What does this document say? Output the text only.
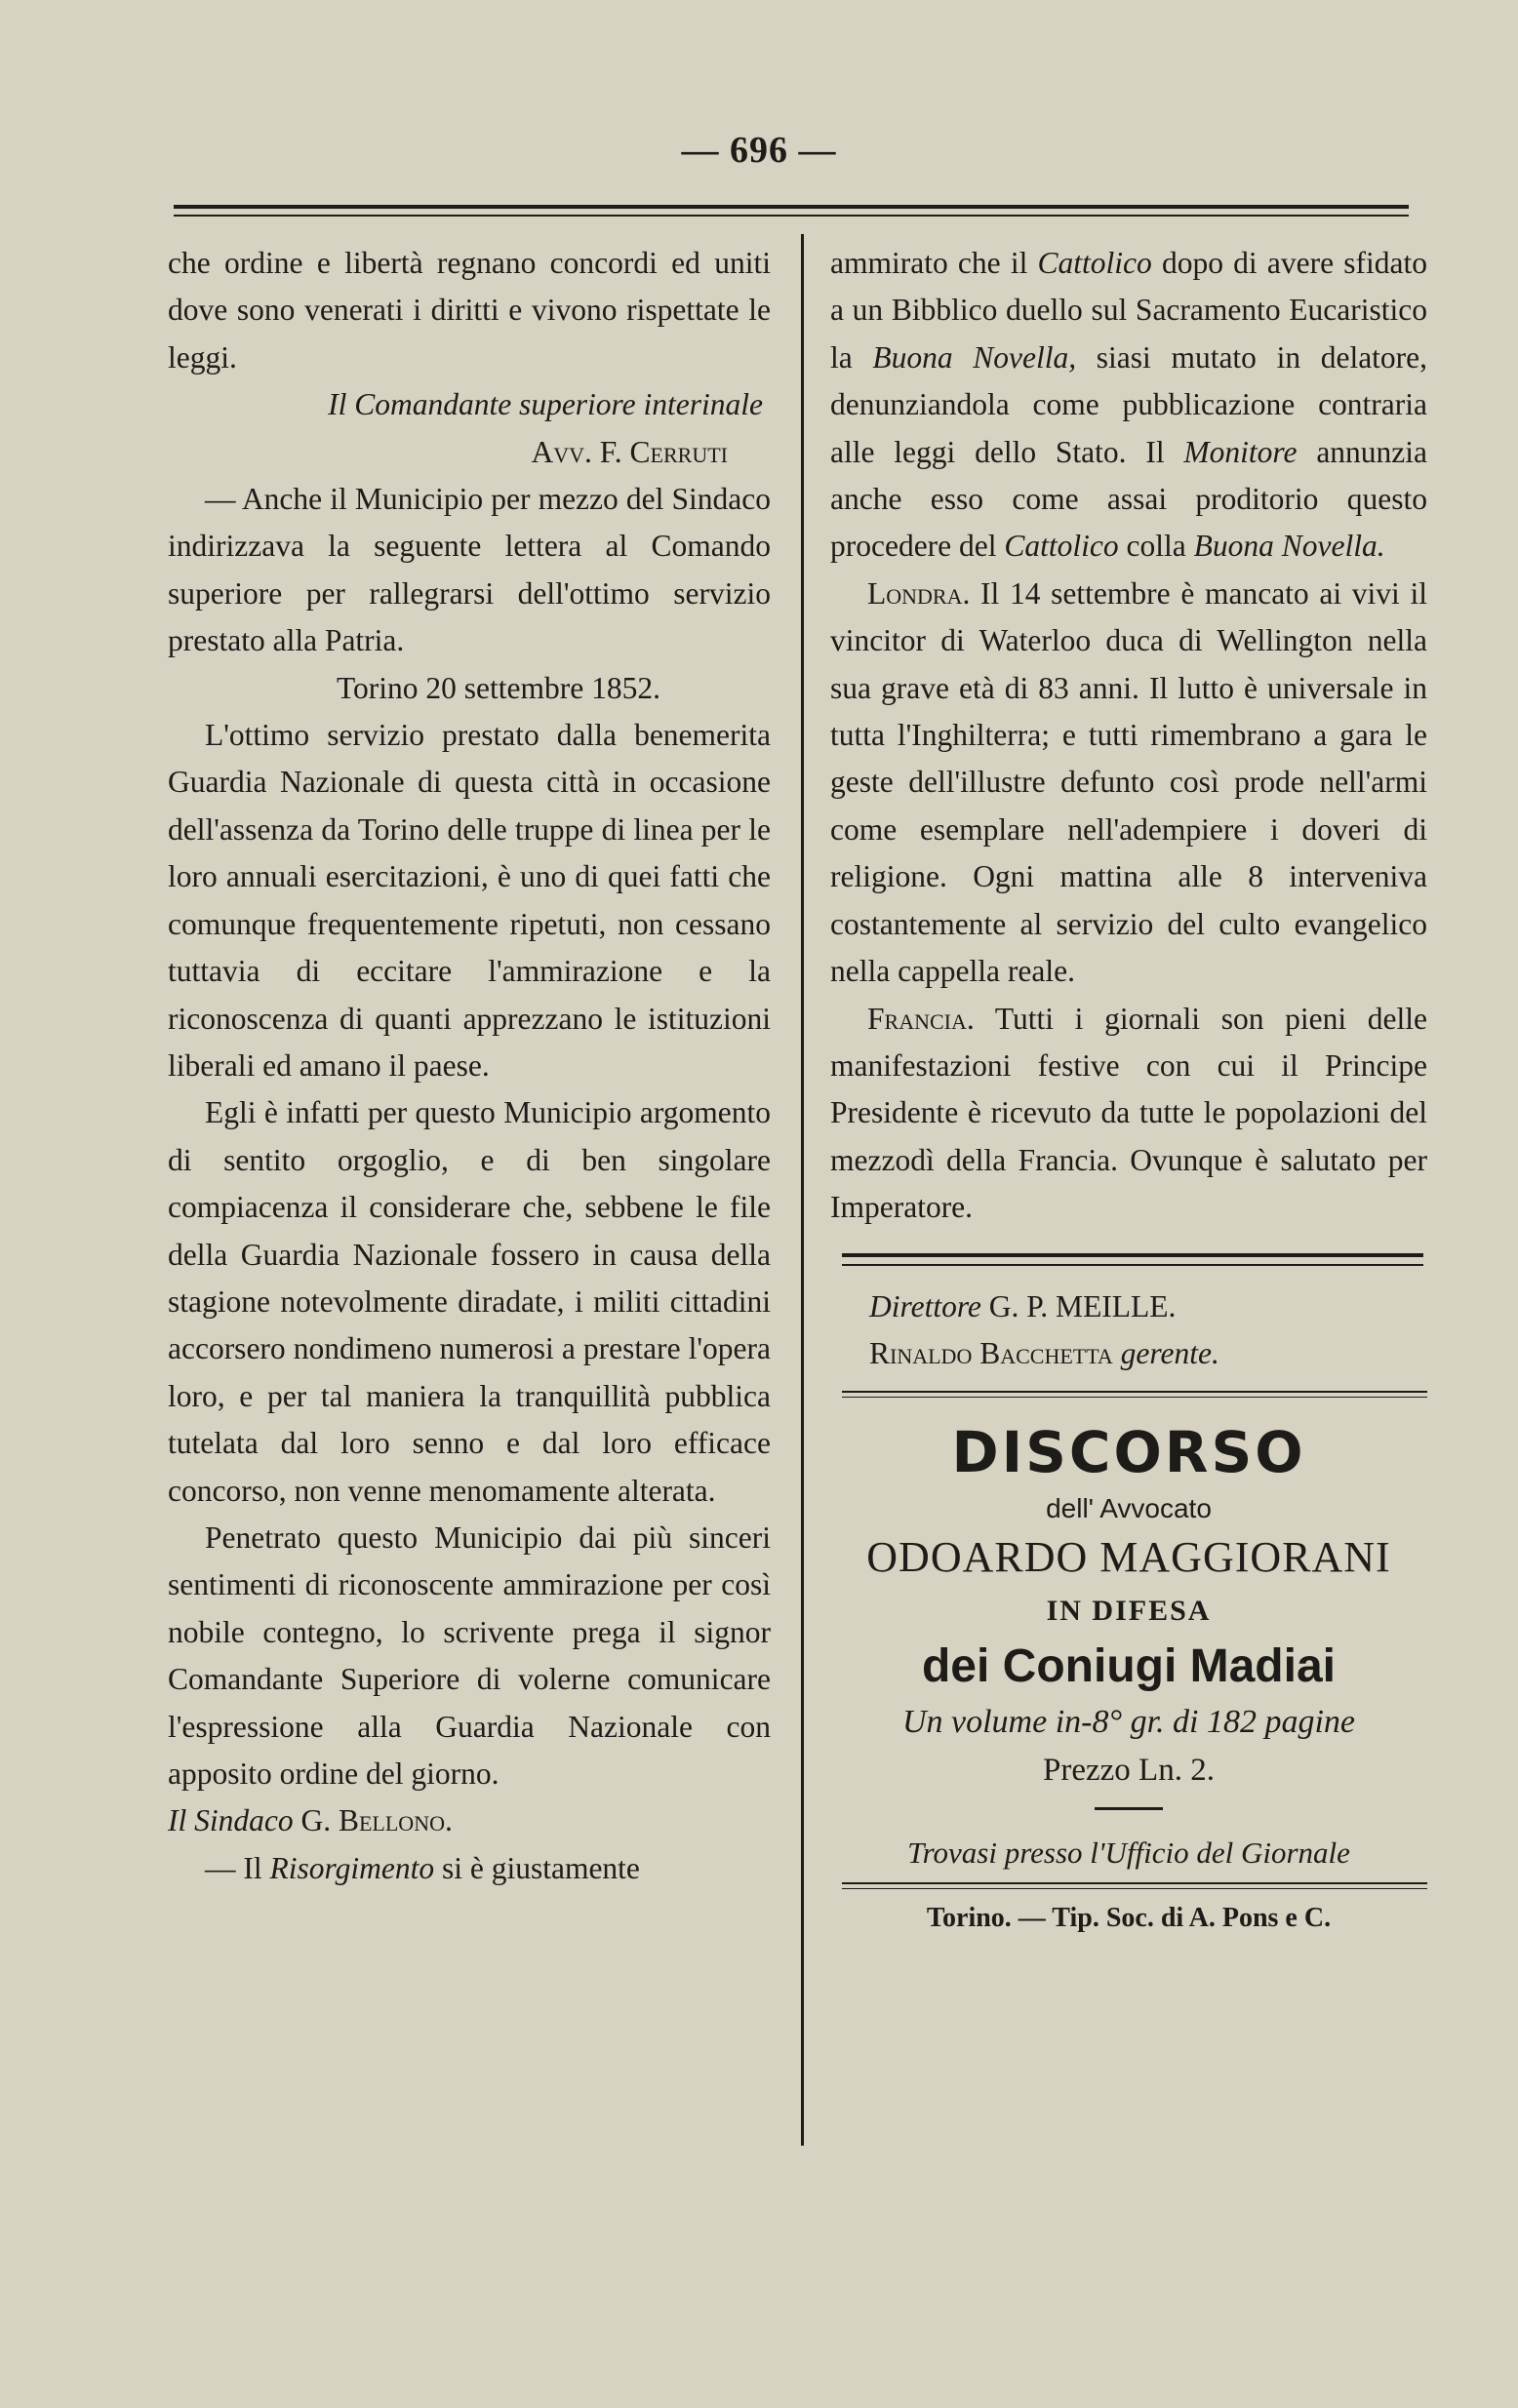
— 696 —

che ordine e libertà regnano concordi ed uniti dove sono venerati i diritti e vivono rispettate le leggi.

Il Comandante superiore interinale

Avv. F. Cerruti

— Anche il Municipio per mezzo del Sindaco indirizzava la seguente lettera al Comando superiore per rallegrarsi dell'ottimo servizio prestato alla Patria.

Torino 20 settembre 1852.

L'ottimo servizio prestato dalla benemerita Guardia Nazionale di questa città in occasione dell'assenza da Torino delle truppe di linea per le loro annuali esercitazioni, è uno di quei fatti che comunque frequentemente ripetuti, non cessano tuttavia di eccitare l'ammirazione e la riconoscenza di quanti apprezzano le istituzioni liberali ed amano il paese.

Egli è infatti per questo Municipio argomento di sentito orgoglio, e di ben singolare compiacenza il considerare che, sebbene le file della Guardia Nazionale fossero in causa della stagione notevolmente diradate, i militi cittadini accorsero nondimeno numerosi a prestare l'opera loro, e per tal maniera la tranquillità pubblica tutelata dal loro senno e dal loro efficace concorso, non venne menomamente alterata.

Penetrato questo Municipio dai più sinceri sentimenti di riconoscente ammirazione per così nobile contegno, lo scrivente prega il signor Comandante Superiore di volerne comunicare l'espressione alla Guardia Nazionale con apposito ordine del giorno.

Il Sindaco G. Bellono.

— Il Risorgimento si è giustamente

ammirato che il Cattolico dopo di avere sfidato a un Bibblico duello sul Sacramento Eucaristico la Buona Novella, siasi mutato in delatore, denunziandola come pubblicazione contraria alle leggi dello Stato. Il Monitore annunzia anche esso come assai proditorio questo procedere del Cattolico colla Buona Novella.

Londra. Il 14 settembre è mancato ai vivi il vincitor di Waterloo duca di Wellington nella sua grave età di 83 anni. Il lutto è universale in tutta l'Inghilterra; e tutti rimembrano a gara le geste dell'illustre defunto così prode nell'armi come esemplare nell'adempiere i doveri di religione. Ogni mattina alle 8 interveniva costantemente al servizio del culto evangelico nella cappella reale.

Francia. Tutti i giornali son pieni delle manifestazioni festive con cui il Principe Presidente è ricevuto da tutte le popolazioni del mezzodì della Francia. Ovunque è salutato per Imperatore.

Direttore G. P. MEILLE.

Rinaldo Bacchetta gerente.

DISCORSO
dell' Avvocato
ODOARDO MAGGIORANI
IN DIFESA
dei Coniugi Madiai
Un volume in-8° gr. di 182 pagine
Prezzo Ln. 2.
Trovasi presso l'Ufficio del Giornale
Torino. — Tip. Soc. di A. Pons e C.
